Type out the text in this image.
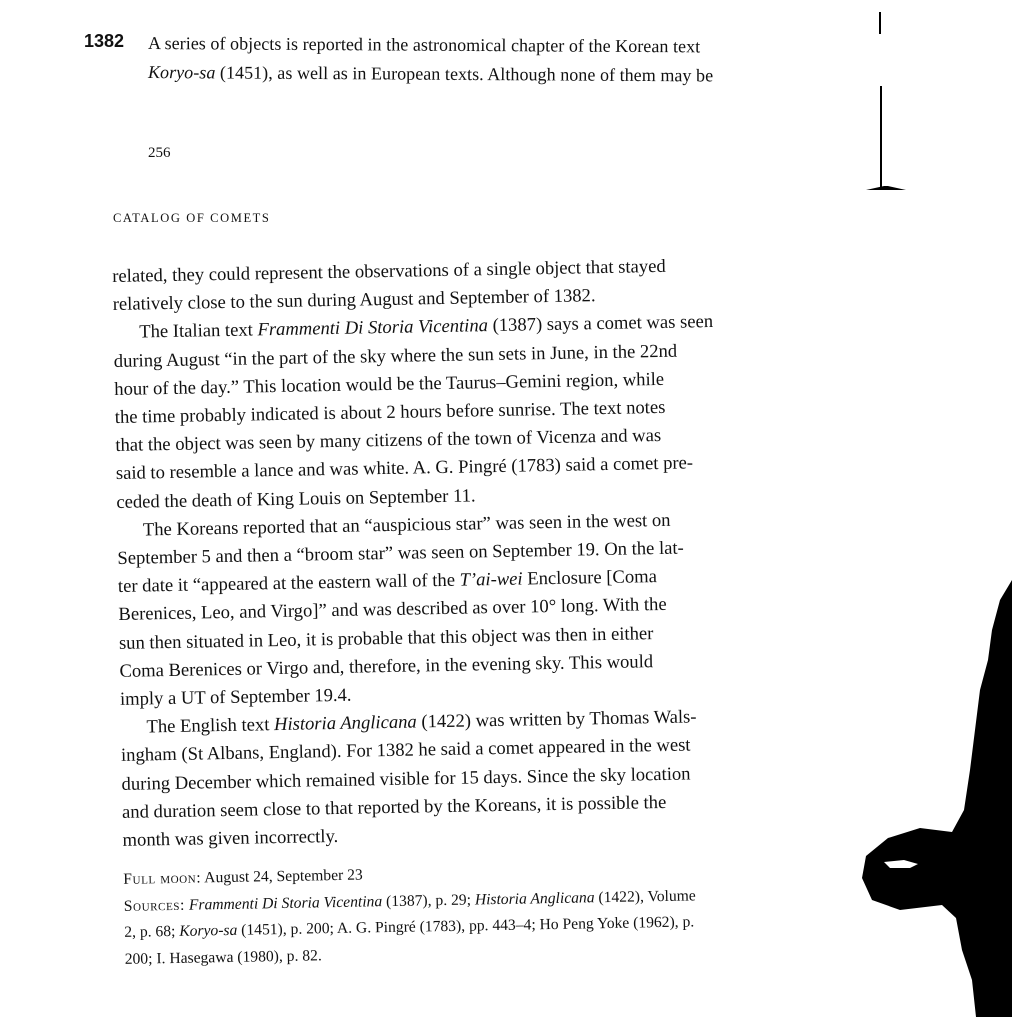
1382 A series of objects is reported in the astronomical chapter of the Korean text
Koryo-sa (1451), as well as in European texts. Although none of them may be
256
CATALOG OF COMETS

related, they could represent the observations of a single object that stayed
relatively close to the sun during August and September of 1382.

The Italian text Frammenti Di Storia Vicentina (1387) says a comet was seen
during August “in the part of the sky where the sun sets in June, in the 22nd
hour of the day.” This location would be the Taurus–Gemini region, while
the time probably indicated is about 2 hours before sunrise. The text notes
that the object was seen by many citizens of the town of Vicenza and was
said to resemble a lance and was white. A. G. Pingré (1783) said a comet pre-
ceded the death of King Louis on September 11.

The Koreans reported that an “auspicious star” was seen in the west on
September 5 and then a “broom star” was seen on September 19. On the lat-
ter date it “appeared at the eastern wall of the T’ai-wei Enclosure [Coma
Berenices, Leo, and Virgo]” and was described as over 10° long. With the
sun then situated in Leo, it is probable that this object was then in either
Coma Berenices or Virgo and, therefore, in the evening sky. This would
imply a UT of September 19.4.

The English text Historia Anglicana (1422) was written by Thomas Wals-
ingham (St Albans, England). For 1382 he said a comet appeared in the west
during December which remained visible for 15 days. Since the sky location
and duration seem close to that reported by the Koreans, it is possible the
month was given incorrectly.

Full moon: August 24, September 23
Sources: Frammenti Di Storia Vicentina (1387), p. 29; Historia Anglicana (1422), Volume
2, p. 68; Koryo-sa (1451), p. 200; A. G. Pingré (1783), pp. 443–4; Ho Peng Yoke (1962), p.
200; I. Hasegawa (1980), p. 82.
